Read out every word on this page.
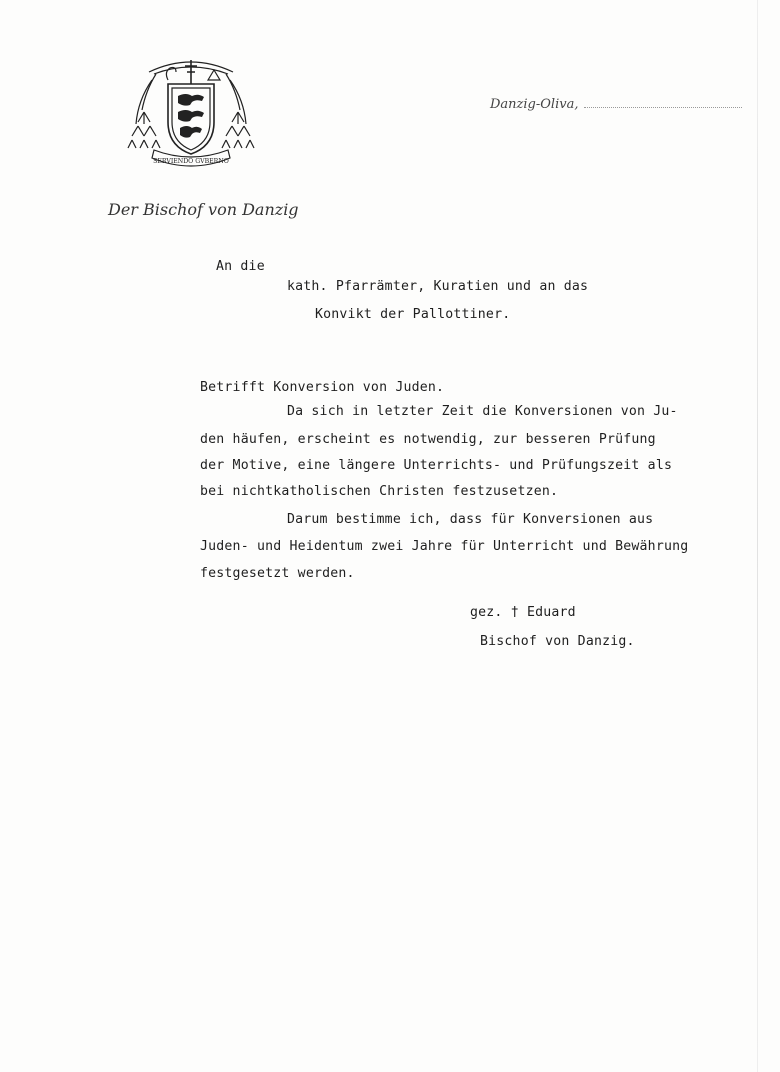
SERVIENDO GVBERNO
Der Bischof von Danzig
Danzig-Oliva,
An die
kath. Pfarrämter, Kuratien und an das
Konvikt der Pallottiner.
Betrifft Konversion von Juden.
Da sich in letzter Zeit die Konversionen von Ju-
den häufen, erscheint es notwendig, zur besseren Prüfung
der Motive, eine längere Unterrichts- und Prüfungszeit als
bei nichtkatholischen Christen festzusetzen.
Darum bestimme ich, dass für Konversionen aus
Juden- und Heidentum zwei Jahre für Unterricht und Bewährung
festgesetzt werden.
gez. † Eduard
Bischof von Danzig.
